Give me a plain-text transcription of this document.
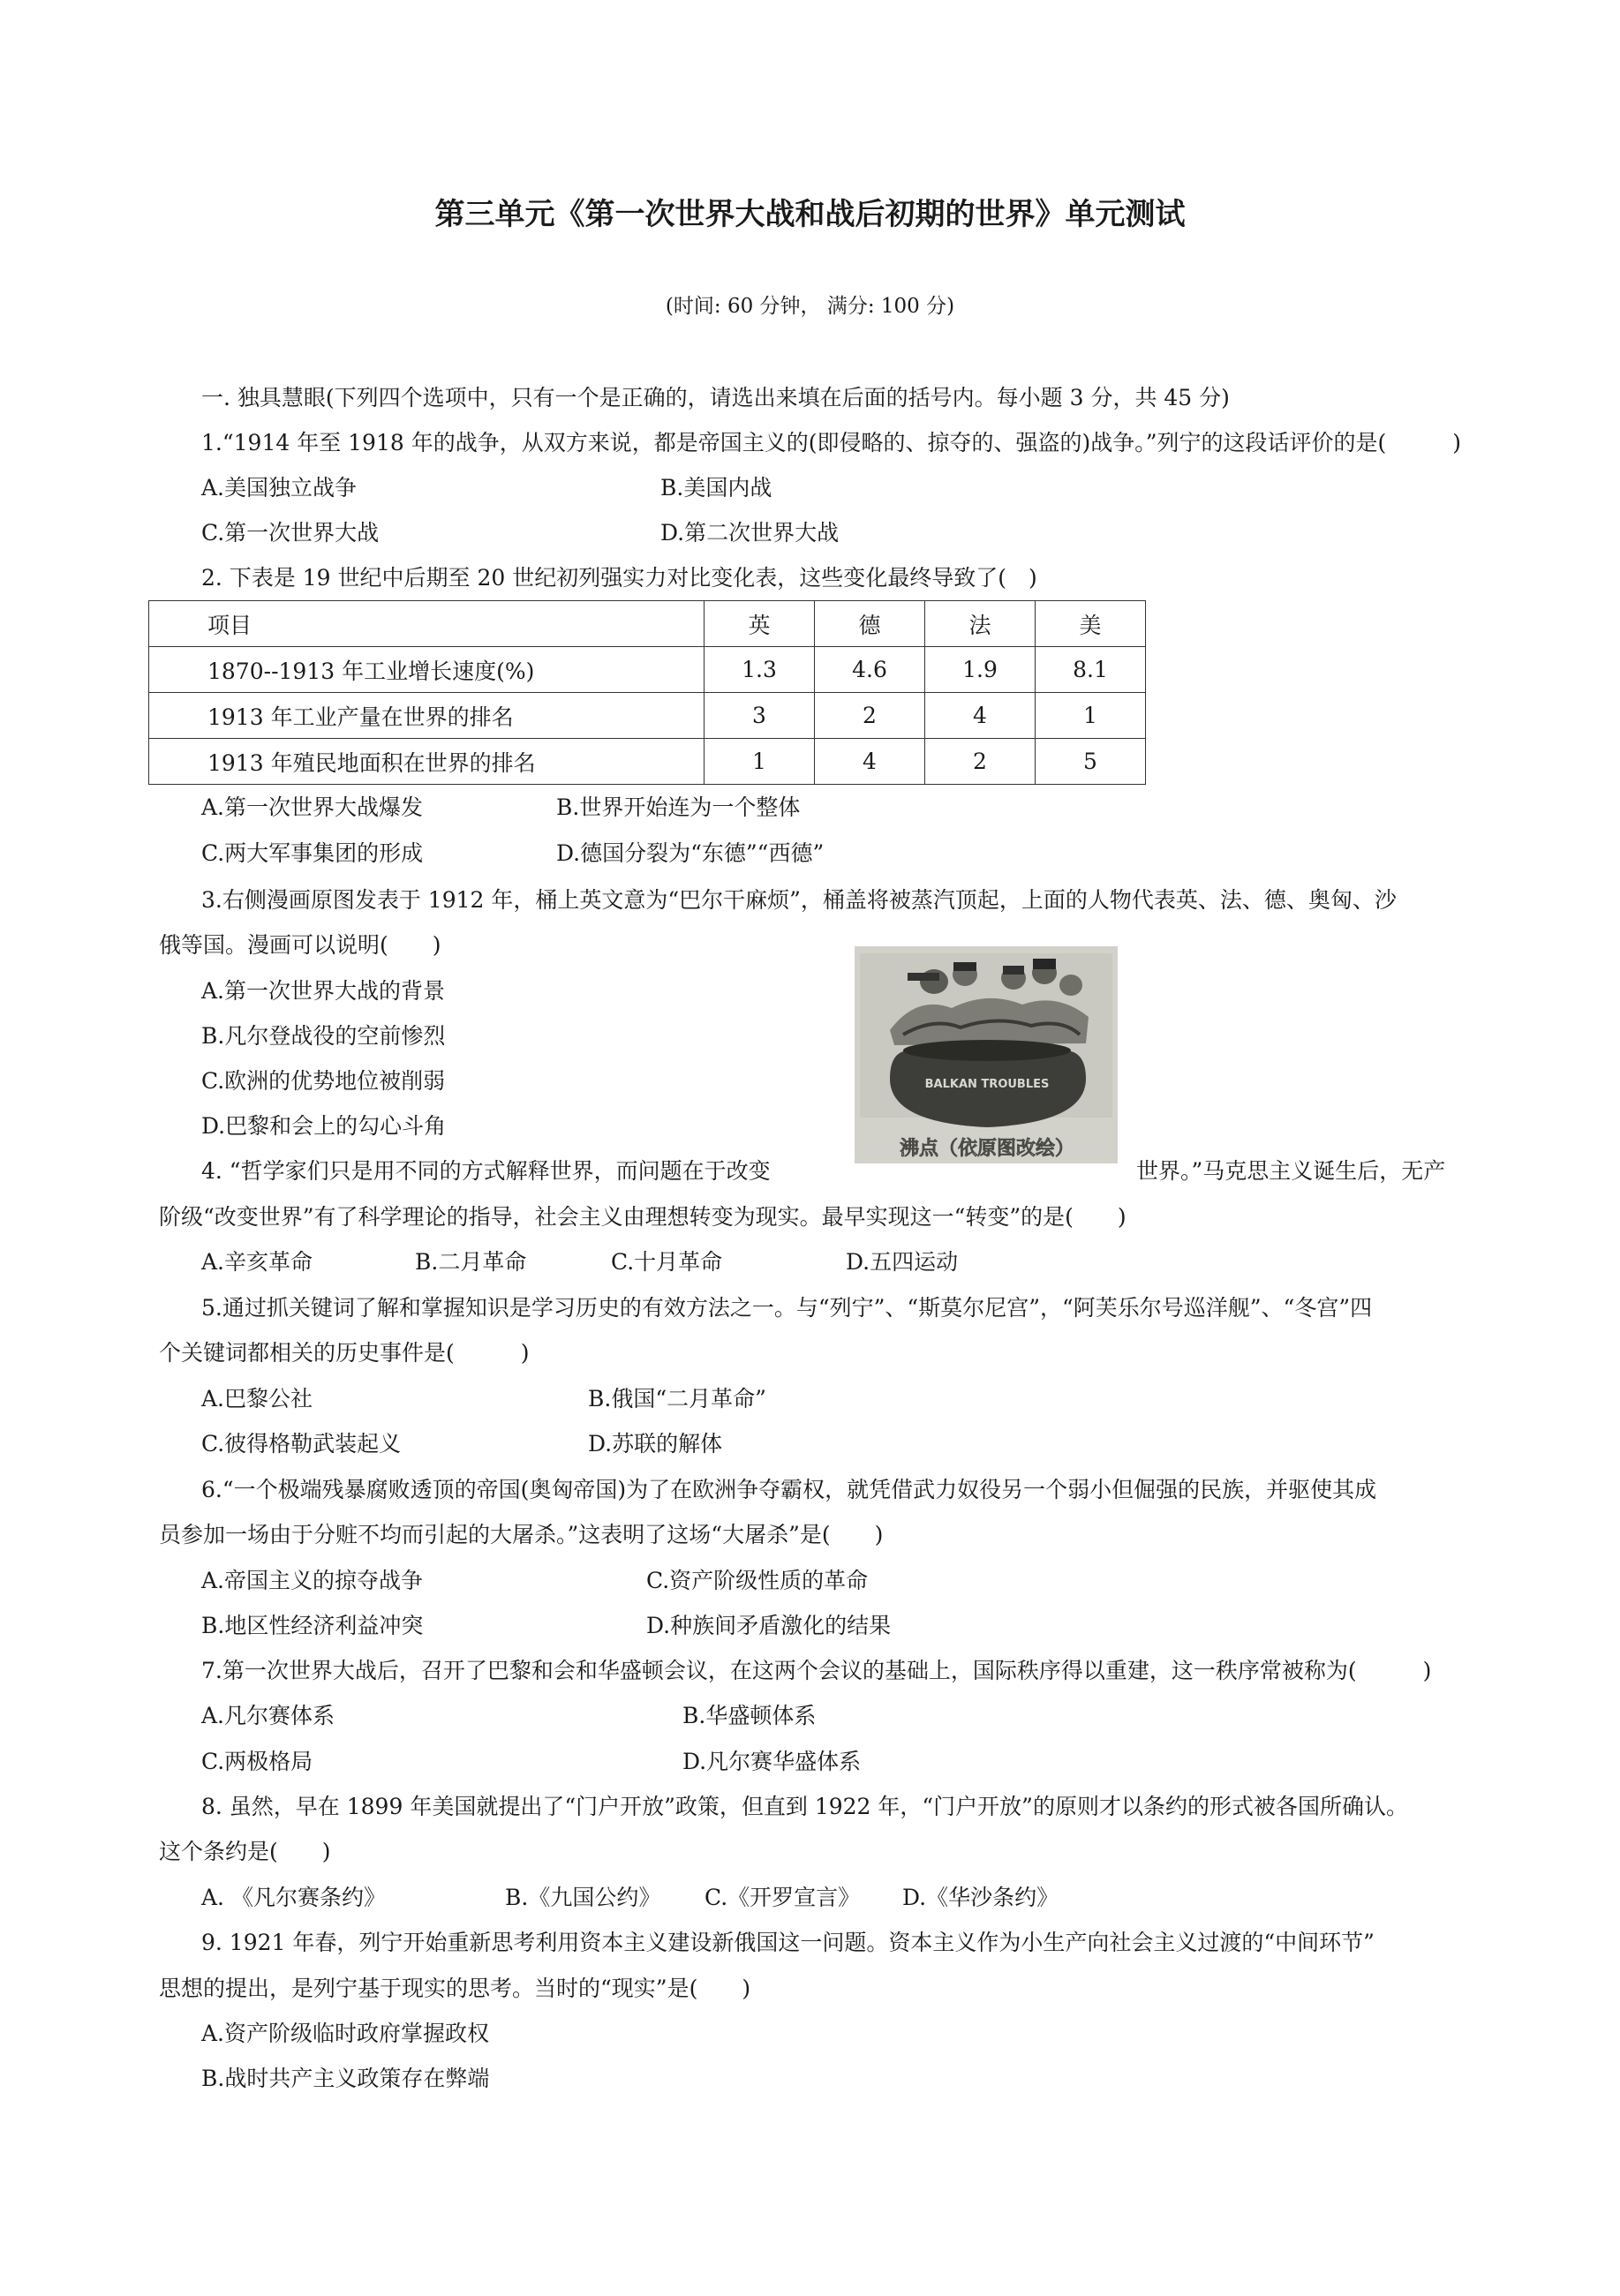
第三单元《第一次世界大战和战后初期的世界》单元测试
(时间: 60 分钟， 满分: 100 分)
一. 独具慧眼(下列四个选项中，只有一个是正确的，请选出来填在后面的括号内。每小题 3 分，共 45 分)
1.“1914 年至 1918 年的战争，从双方来说，都是帝国主义的(即侵略的、掠夺的、强盗的)战争。”列宁的这段话评价的是(　　　)
A.美国独立战争	B.美国内战
C.第一次世界大战	D.第二次世界大战
2. 下表是 19 世纪中后期至 20 世纪初列强实力对比变化表，这些变化最终导致了(　)
项目	英	德	法	美
1870--1913 年工业增长速度(%)	1.3	4.6	1.9	8.1
1913 年工业产量在世界的排名	3	2	4	1
1913 年殖民地面积在世界的排名	1	4	2	5
A.第一次世界大战爆发	B.世界开始连为一个整体
C.两大军事集团的形成	D.德国分裂为“东德”“西德”
3.右侧漫画原图发表于 1912 年，桶上英文意为“巴尔干麻烦”，桶盖将被蒸汽顶起，上面的人物代表英、法、德、奥匈、沙
俄等国。漫画可以说明(　　)
A.第一次世界大战的背景
B.凡尔登战役的空前惨烈
C.欧洲的优势地位被削弱
D.巴黎和会上的勾心斗角
BALKAN TROUBLES
沸点（依原图改绘）
4. “哲学家们只是用不同的方式解释世界，而问题在于改变	世界。”马克思主义诞生后，无产
阶级“改变世界”有了科学理论的指导，社会主义由理想转变为现实。最早实现这一“转变”的是(　　)
A.辛亥革命	B.二月革命	C.十月革命	D.五四运动
5.通过抓关键词了解和掌握知识是学习历史的有效方法之一。与“列宁”、“斯莫尔尼宫”，“阿芙乐尔号巡洋舰”、“冬宫”四
个关键词都相关的历史事件是(　　　)
A.巴黎公社	B.俄国“二月革命”
C.彼得格勒武装起义	D.苏联的解体
6.“一个极端残暴腐败透顶的帝国(奥匈帝国)为了在欧洲争夺霸权，就凭借武力奴役另一个弱小但倔强的民族，并驱使其成
员参加一场由于分赃不均而引起的大屠杀。”这表明了这场“大屠杀”是(　　)
A.帝国主义的掠夺战争	C.资产阶级性质的革命
B.地区性经济利益冲突	D.种族间矛盾激化的结果
7.第一次世界大战后，召开了巴黎和会和华盛顿会议，在这两个会议的基础上，国际秩序得以重建，这一秩序常被称为(　　　)
A.凡尔赛体系	B.华盛顿体系
C.两极格局	D.凡尔赛华盛体系
8. 虽然，早在 1899 年美国就提出了“门户开放”政策，但直到 1922 年，“门户开放”的原则才以条约的形式被各国所确认。
这个条约是(　　)
A. 《凡尔赛条约》	B.《九国公约》 C.《开罗宣言》 D.《华沙条约》
9. 1921 年春，列宁开始重新思考利用资本主义建设新俄国这一问题。资本主义作为小生产向社会主义过渡的“中间环节”
思想的提出，是列宁基于现实的思考。当时的“现实”是(　　)
A.资产阶级临时政府掌握政权
B.战时共产主义政策存在弊端
